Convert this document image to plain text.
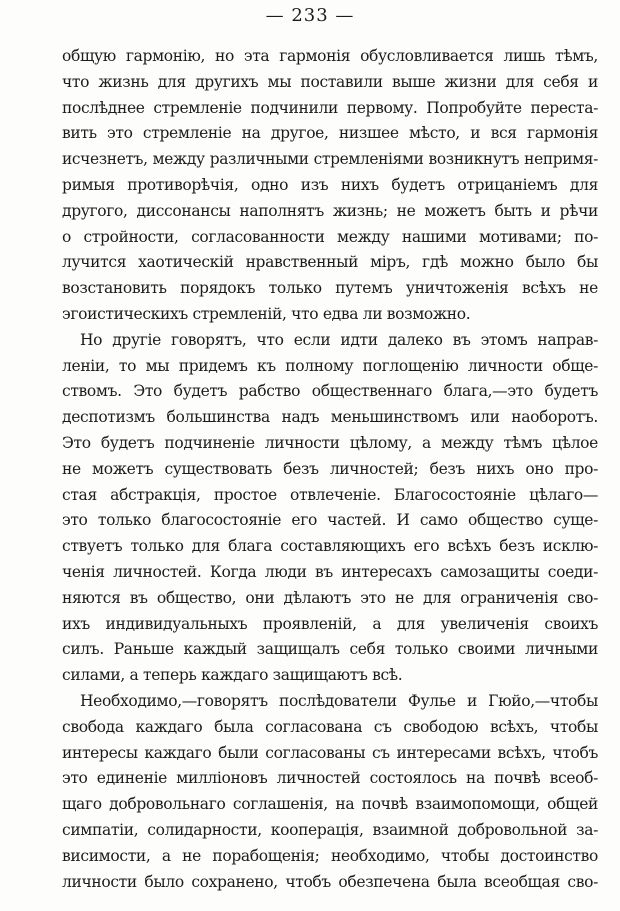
— 233 —
общую гармонію, но эта гармонія обусловливается лишь тѣмъ,
что жизнь для другихъ мы поставили выше жизни для себя и
послѣднее стремленіе подчинили первому. Попробуйте переста-
вить это стремленіе на другое, низшее мѣсто, и вся гармонія
исчезнетъ, между различными стремленіями возникнутъ непримя-
римыя противорѣчія, одно изъ нихъ будетъ отрицаніемъ для
другого, диссонансы наполнятъ жизнь; не можетъ быть и рѣчи
о стройности, согласованности между нашими мотивами; по-
лучится хаотическій нравственный міръ, гдѣ можно было бы
возстановить порядокъ только путемъ уничтоженія всѣхъ не
эгоистическихъ стремленій, что едва ли возможно.
Но другіе говорятъ, что если идти далеко въ этомъ направ-
леніи, то мы придемъ къ полному поглощенію личности обще-
ствомъ. Это будетъ рабство общественнаго блага,—это будетъ
деспотизмъ большинства надъ меньшинствомъ или наоборотъ.
Это будетъ подчиненіе личности цѣлому, а между тѣмъ цѣлое
не можетъ существовать безъ личностей; безъ нихъ оно про-
стая абстракція, простое отвлеченіе. Благосостояніе цѣлаго—
это только благосостояніе его частей. И само общество суще-
ствуетъ только для блага составляющихъ его всѣхъ безъ исклю-
ченія личностей. Когда люди въ интересахъ самозащиты соеди-
няются въ общество, они дѣлаютъ это не для ограниченія сво-
ихъ индивидуальныхъ проявленій, а для увеличенія своихъ
силъ. Раньше каждый защищалъ себя только своими личными
силами, а теперь каждаго защищаютъ всѣ.
Необходимо,—говорятъ послѣдователи Фулье и Гюйо,—чтобы
свобода каждаго была согласована съ свободою всѣхъ, чтобы
интересы каждаго были согласованы съ интересами всѣхъ, чтобъ
это единеніе милліоновъ личностей состоялось на почвѣ всеоб-
щаго добровольнаго соглашенія, на почвѣ взаимопомощи, общей
симпатіи, солидарности, кооперація, взаимной добровольной за-
висимости, а не порабощенія; необходимо, чтобы достоинство
личности было сохранено, чтобъ обезпечена была всеобщая сво-
